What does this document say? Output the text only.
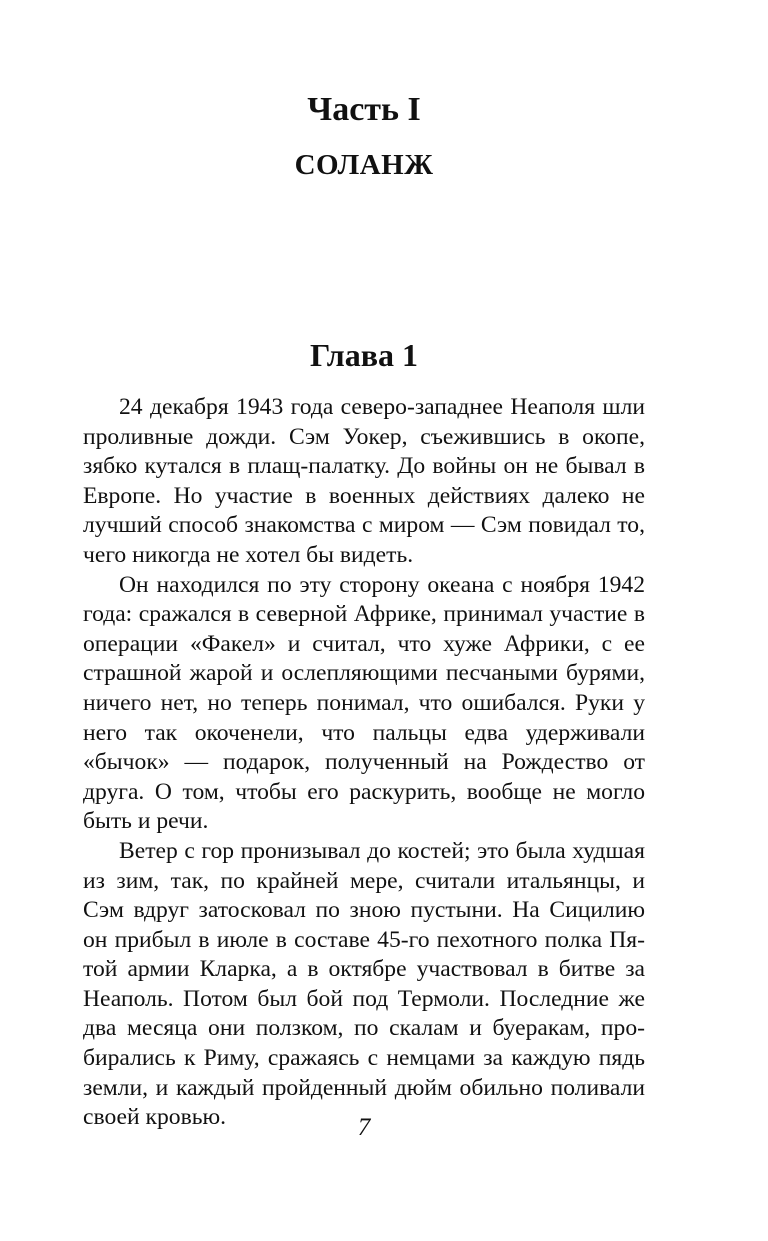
Часть I
СОЛАНЖ
Глава 1

24 декабря 1943 года северо-западнее Неаполя шли проливные дожди. Сэм Уокер, съежившись в окопе, зябко кутался в плащ-палатку. До войны он не бывал в Европе. Но участие в военных действиях далеко не лучший способ знакомства с миром — Сэм повидал то, чего никогда не хотел бы видеть.

Он находился по эту сторону океана с ноября 1942 года: сражался в северной Африке, принимал участие в операции «Факел» и считал, что хуже Африки, с ее страшной жарой и ослепляющими песчаными бурями, ничего нет, но теперь понимал, что ошибался. Руки у него так окоченели, что пальцы едва удерживали «бычок» — подарок, полученный на Рождество от друга. О том, чтобы его раскурить, вообще не могло быть и речи.

Ветер с гор пронизывал до костей; это была худшая из зим, так, по крайней мере, считали итальянцы, и Сэм вдруг затосковал по зною пустыни. На Сицилию он прибыл в июле в составе 45-го пехотного полка Пятой армии Кларка, а в октябре участвовал в битве за Неаполь. Потом был бой под Термоли. Последние же два месяца они ползком, по скалам и буеракам, пробирались к Риму, сражаясь с немцами за каждую пядь земли, и каждый пройденный дюйм обильно поливали своей кровью.	7
